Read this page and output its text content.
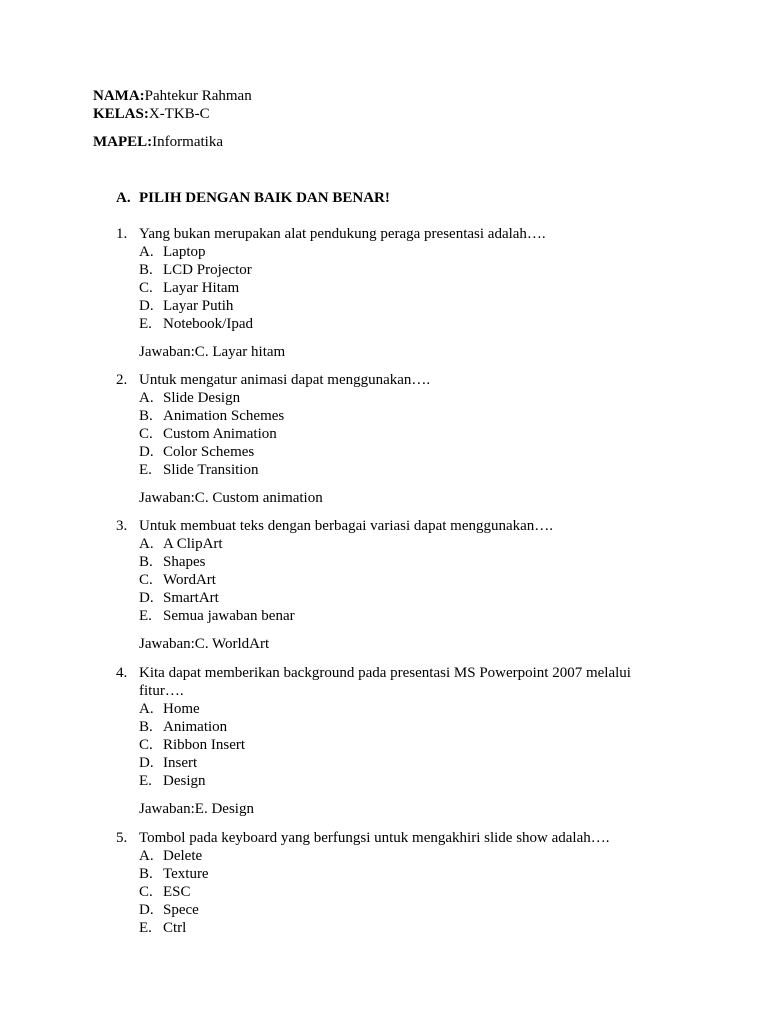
NAMA:Pahtekur Rahman
KELAS:X-TKB-C
MAPEL:Informatika
A. PILIH DENGAN BAIK DAN BENAR!
1. Yang bukan merupakan alat pendukung peraga presentasi adalah….
A. Laptop
B. LCD Projector
C. Layar Hitam
D. Layar Putih
E. Notebook/Ipad
Jawaban:C. Layar hitam
2. Untuk mengatur animasi dapat menggunakan….
A. Slide Design
B. Animation Schemes
C. Custom Animation
D. Color Schemes
E. Slide Transition
Jawaban:C. Custom animation
3. Untuk membuat teks dengan berbagai variasi dapat menggunakan….
A. A ClipArt
B. Shapes
C. WordArt
D. SmartArt
E. Semua jawaban benar
Jawaban:C. WorldArt
4. Kita dapat memberikan background pada presentasi MS Powerpoint 2007 melalui fitur….
A. Home
B. Animation
C. Ribbon Insert
D. Insert
E. Design
Jawaban:E. Design
5. Tombol pada keyboard yang berfungsi untuk mengakhiri slide show adalah….
A. Delete
B. Texture
C. ESC
D. Spece
E. Ctrl
